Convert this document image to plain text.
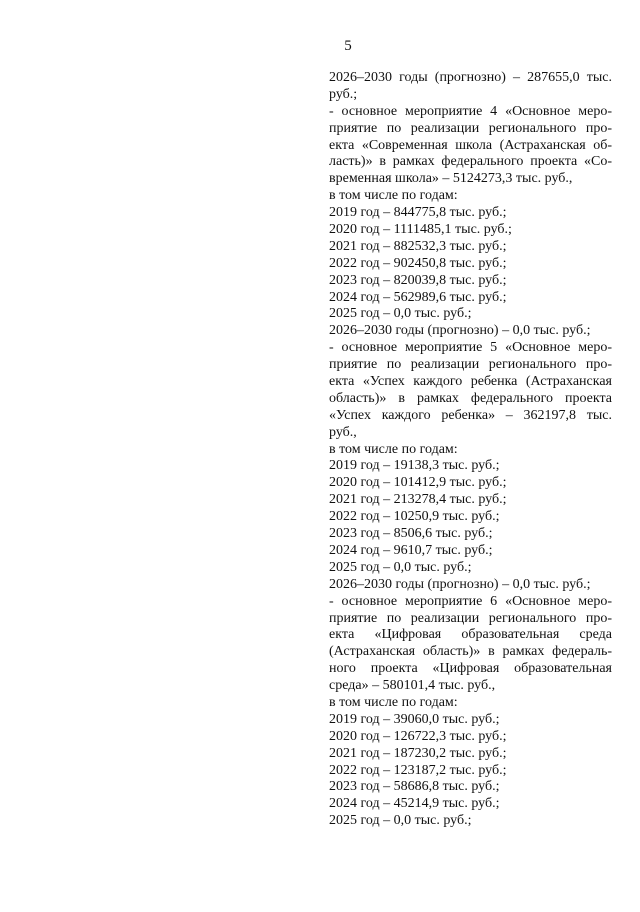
5
2026–2030 годы (прогнозно) – 287655,0 тыс.
руб.;
- основное мероприятие 4 «Основное меро-
приятие по реализации регионального про-
екта «Современная школа (Астраханская об-
ласть)» в рамках федерального проекта «Со-
временная школа» – 5124273,3 тыс. руб.,
в том числе по годам:
2019 год – 844775,8 тыс. руб.;
2020 год – 1111485,1 тыс. руб.;
2021 год – 882532,3 тыс. руб.;
2022 год – 902450,8 тыс. руб.;
2023 год – 820039,8 тыс. руб.;
2024 год – 562989,6 тыс. руб.;
2025 год – 0,0 тыс. руб.;
2026–2030 годы (прогнозно) – 0,0 тыс. руб.;
- основное мероприятие 5 «Основное меро-
приятие по реализации регионального про-
екта «Успех каждого ребенка (Астраханская
область)» в рамках федерального проекта
«Успех каждого ребенка» – 362197,8 тыс.
руб.,
в том числе по годам:
2019 год – 19138,3 тыс. руб.;
2020 год – 101412,9 тыс. руб.;
2021 год – 213278,4 тыс. руб.;
2022 год – 10250,9 тыс. руб.;
2023 год – 8506,6 тыс. руб.;
2024 год – 9610,7 тыс. руб.;
2025 год – 0,0 тыс. руб.;
2026–2030 годы (прогнозно) – 0,0 тыс. руб.;
- основное мероприятие 6 «Основное меро-
приятие по реализации регионального про-
екта «Цифровая образовательная среда
(Астраханская область)» в рамках федераль-
ного проекта «Цифровая образовательная
среда» – 580101,4 тыс. руб.,
в том числе по годам:
2019 год – 39060,0 тыс. руб.;
2020 год – 126722,3 тыс. руб.;
2021 год – 187230,2 тыс. руб.;
2022 год – 123187,2 тыс. руб.;
2023 год – 58686,8 тыс. руб.;
2024 год – 45214,9 тыс. руб.;
2025 год – 0,0 тыс. руб.;
